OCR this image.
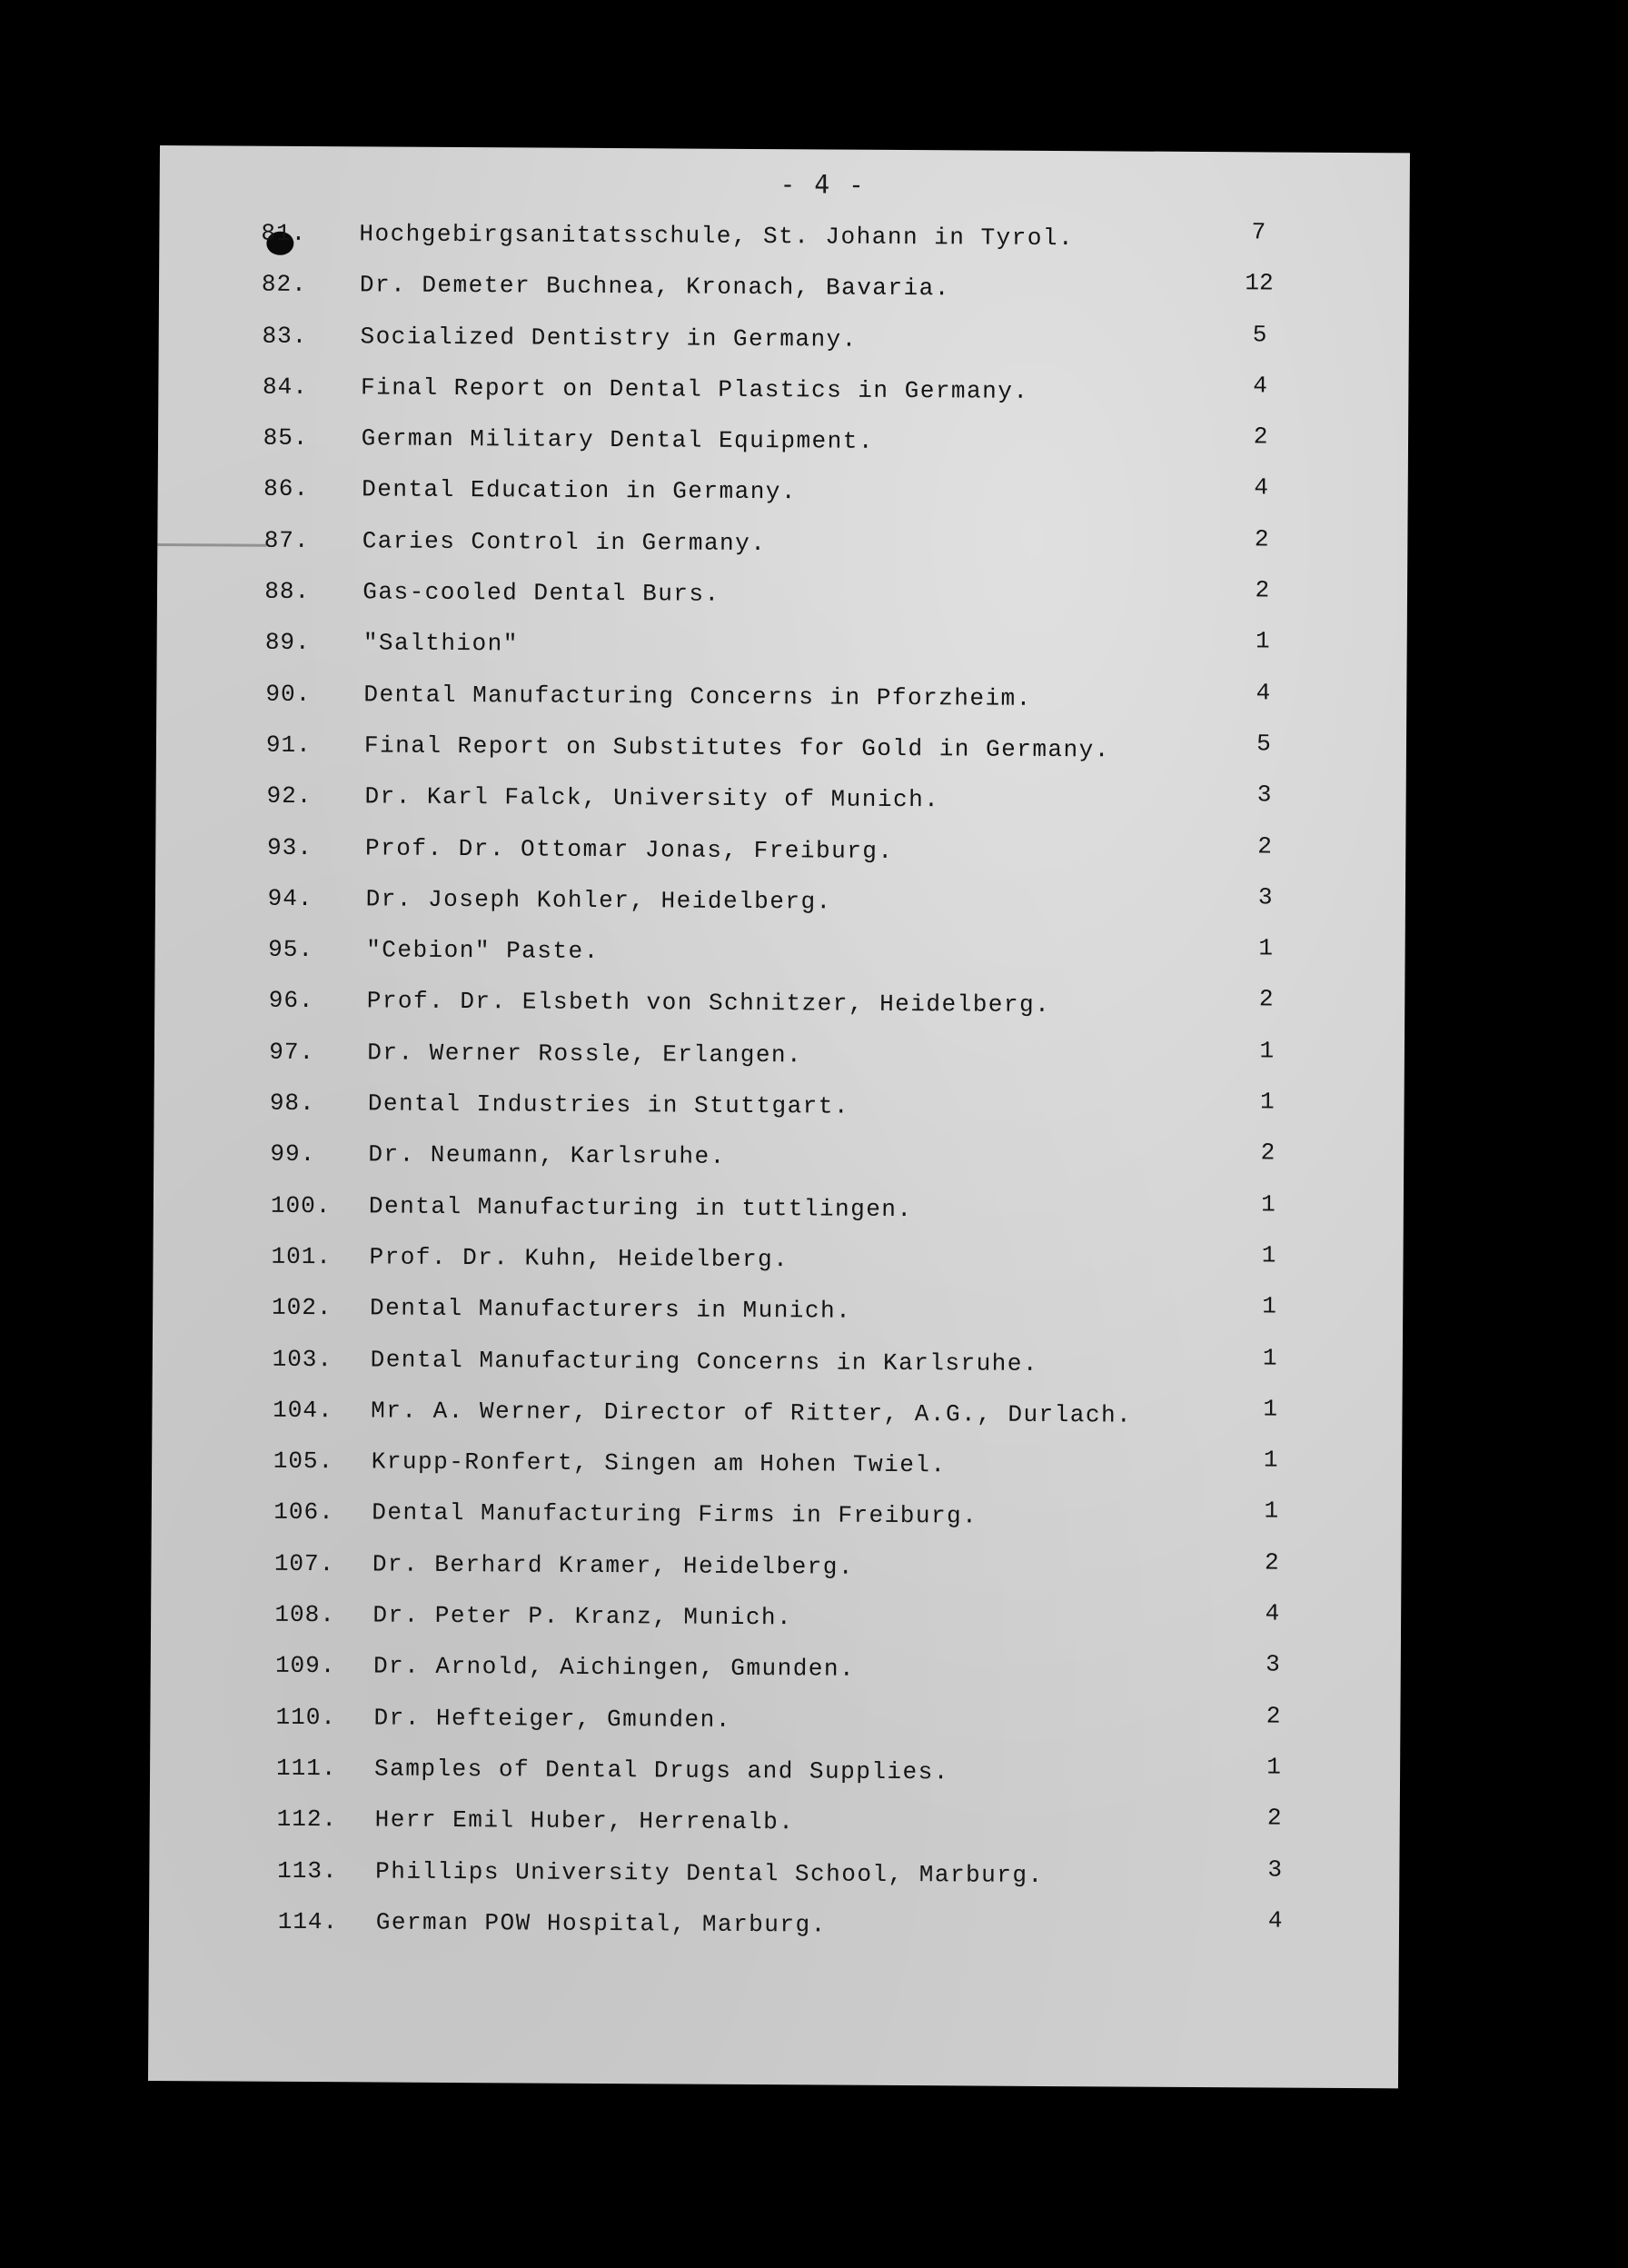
- 4 -
81.	Hochgebirgsanitatsschule, St. Johann in Tyrol.	7
82.	Dr. Demeter Buchnea, Kronach, Bavaria.	12
83.	Socialized Dentistry in Germany.	5
84.	Final Report on Dental Plastics in Germany.	4
85.	German Military Dental Equipment.	2
86.	Dental Education in Germany.	4
87.	Caries Control in Germany.	2
88.	Gas-cooled Dental Burs.	2
89.	"Salthion"	1
90.	Dental Manufacturing Concerns in Pforzheim.	4
91.	Final Report on Substitutes for Gold in Germany.	5
92.	Dr. Karl Falck, University of Munich.	3
93.	Prof. Dr. Ottomar Jonas, Freiburg.	2
94.	Dr. Joseph Kohler, Heidelberg.	3
95.	"Cebion" Paste.	1
96.	Prof. Dr. Elsbeth von Schnitzer, Heidelberg.	2
97.	Dr. Werner Rossle, Erlangen.	1
98.	Dental Industries in Stuttgart.	1
99.	Dr. Neumann, Karlsruhe.	2
100.	Dental Manufacturing in tuttlingen.	1
101.	Prof. Dr. Kuhn, Heidelberg.	1
102.	Dental Manufacturers in Munich.	1
103.	Dental Manufacturing Concerns in Karlsruhe.	1
104.	Mr. A. Werner, Director of Ritter, A.G., Durlach.	1
105.	Krupp-Ronfert, Singen am Hohen Twiel.	1
106.	Dental Manufacturing Firms in Freiburg.	1
107.	Dr. Berhard Kramer, Heidelberg.	2
108.	Dr. Peter P. Kranz, Munich.	4
109.	Dr. Arnold, Aichingen, Gmunden.	3
110.	Dr. Hefteiger, Gmunden.	2
111.	Samples of Dental Drugs and Supplies.	1
112.	Herr Emil Huber, Herrenalb.	2
113.	Phillips University Dental School, Marburg.	3
114.	German POW Hospital, Marburg.	4
